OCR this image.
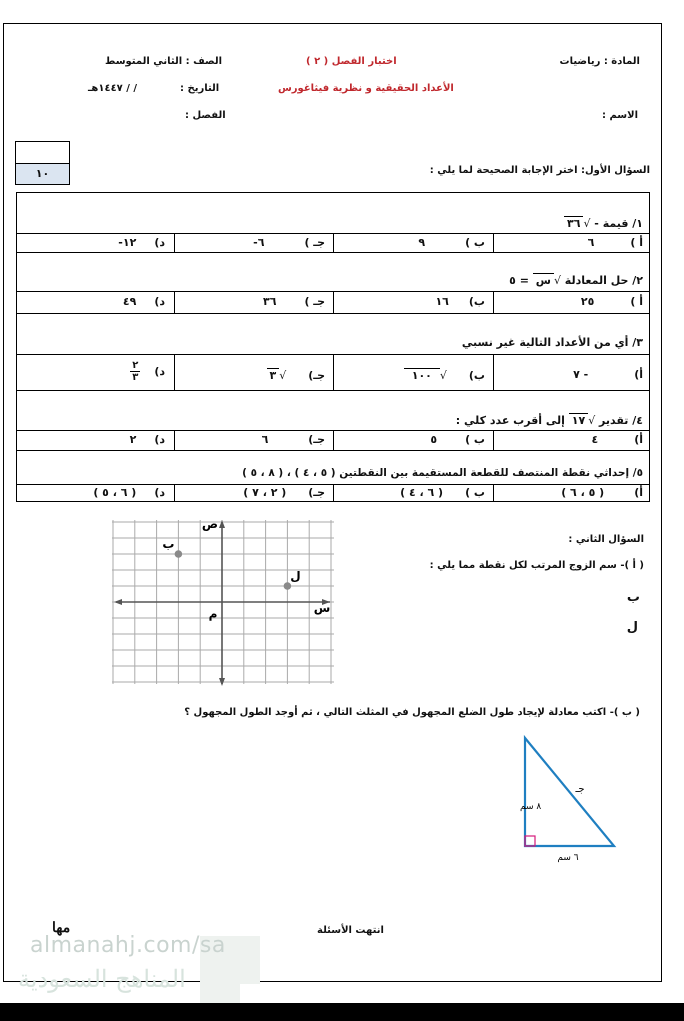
المادة : رياضيات
اختبار الفصل ( ٢ )
الصف : الثاني المتوسط
الأعداد الحقيقية و نظرية فيثاغورس
التاريخ :
/ / ١٤٤٧هـ
الاسم :
الفصل :
١٠	السؤال الأول: اختر الإجابة الصحيحة لما يلي :
١/ قيمة - √٣٦
أ )٦
ب )٩
جـ )٦-
د)١٢-
٢/ حل المعادلة √س = ٥
أ )٢٥
ب)١٦
جـ )٣٦
د)٤٩
٣/ أي من الأعداد التالية غير نسبي
أ)- ٧
ب)√١٠٠
جـ)√٣
د)
$\frac{٢}{٣}$
٤/ تقدير √١٧ إلى أقرب عدد كلي :
أ)٤
ب )٥
جـ)٦
د)٢
٥/ إحداثي نقطة المنتصف للقطعة المستقيمة بين النقطتين ( ٥ ، ٤ ) ، ( ٨ ، ٥ )
أ)( ٥ ، ٦ )
ب )( ٦ ، ٤ )
جـ)( ٢ ، ٧ )
د)( ٦ ، ٥ )
السؤال الثاني :
( أ )- سم الزوج المرتب لكل نقطة مما يلي :
ب
ل
ب
ل
م	س
ص
( ب )- اكتب معادلة لإيجاد طول الضلع المجهول في المثلث التالي ، ثم أوجد الطول المجهول ؟
٨ سم
٦ سم
جـ
انتهت الأسئلة
ﻣﻬﺎ
almanahj.com/sa
المناهج السعودية
